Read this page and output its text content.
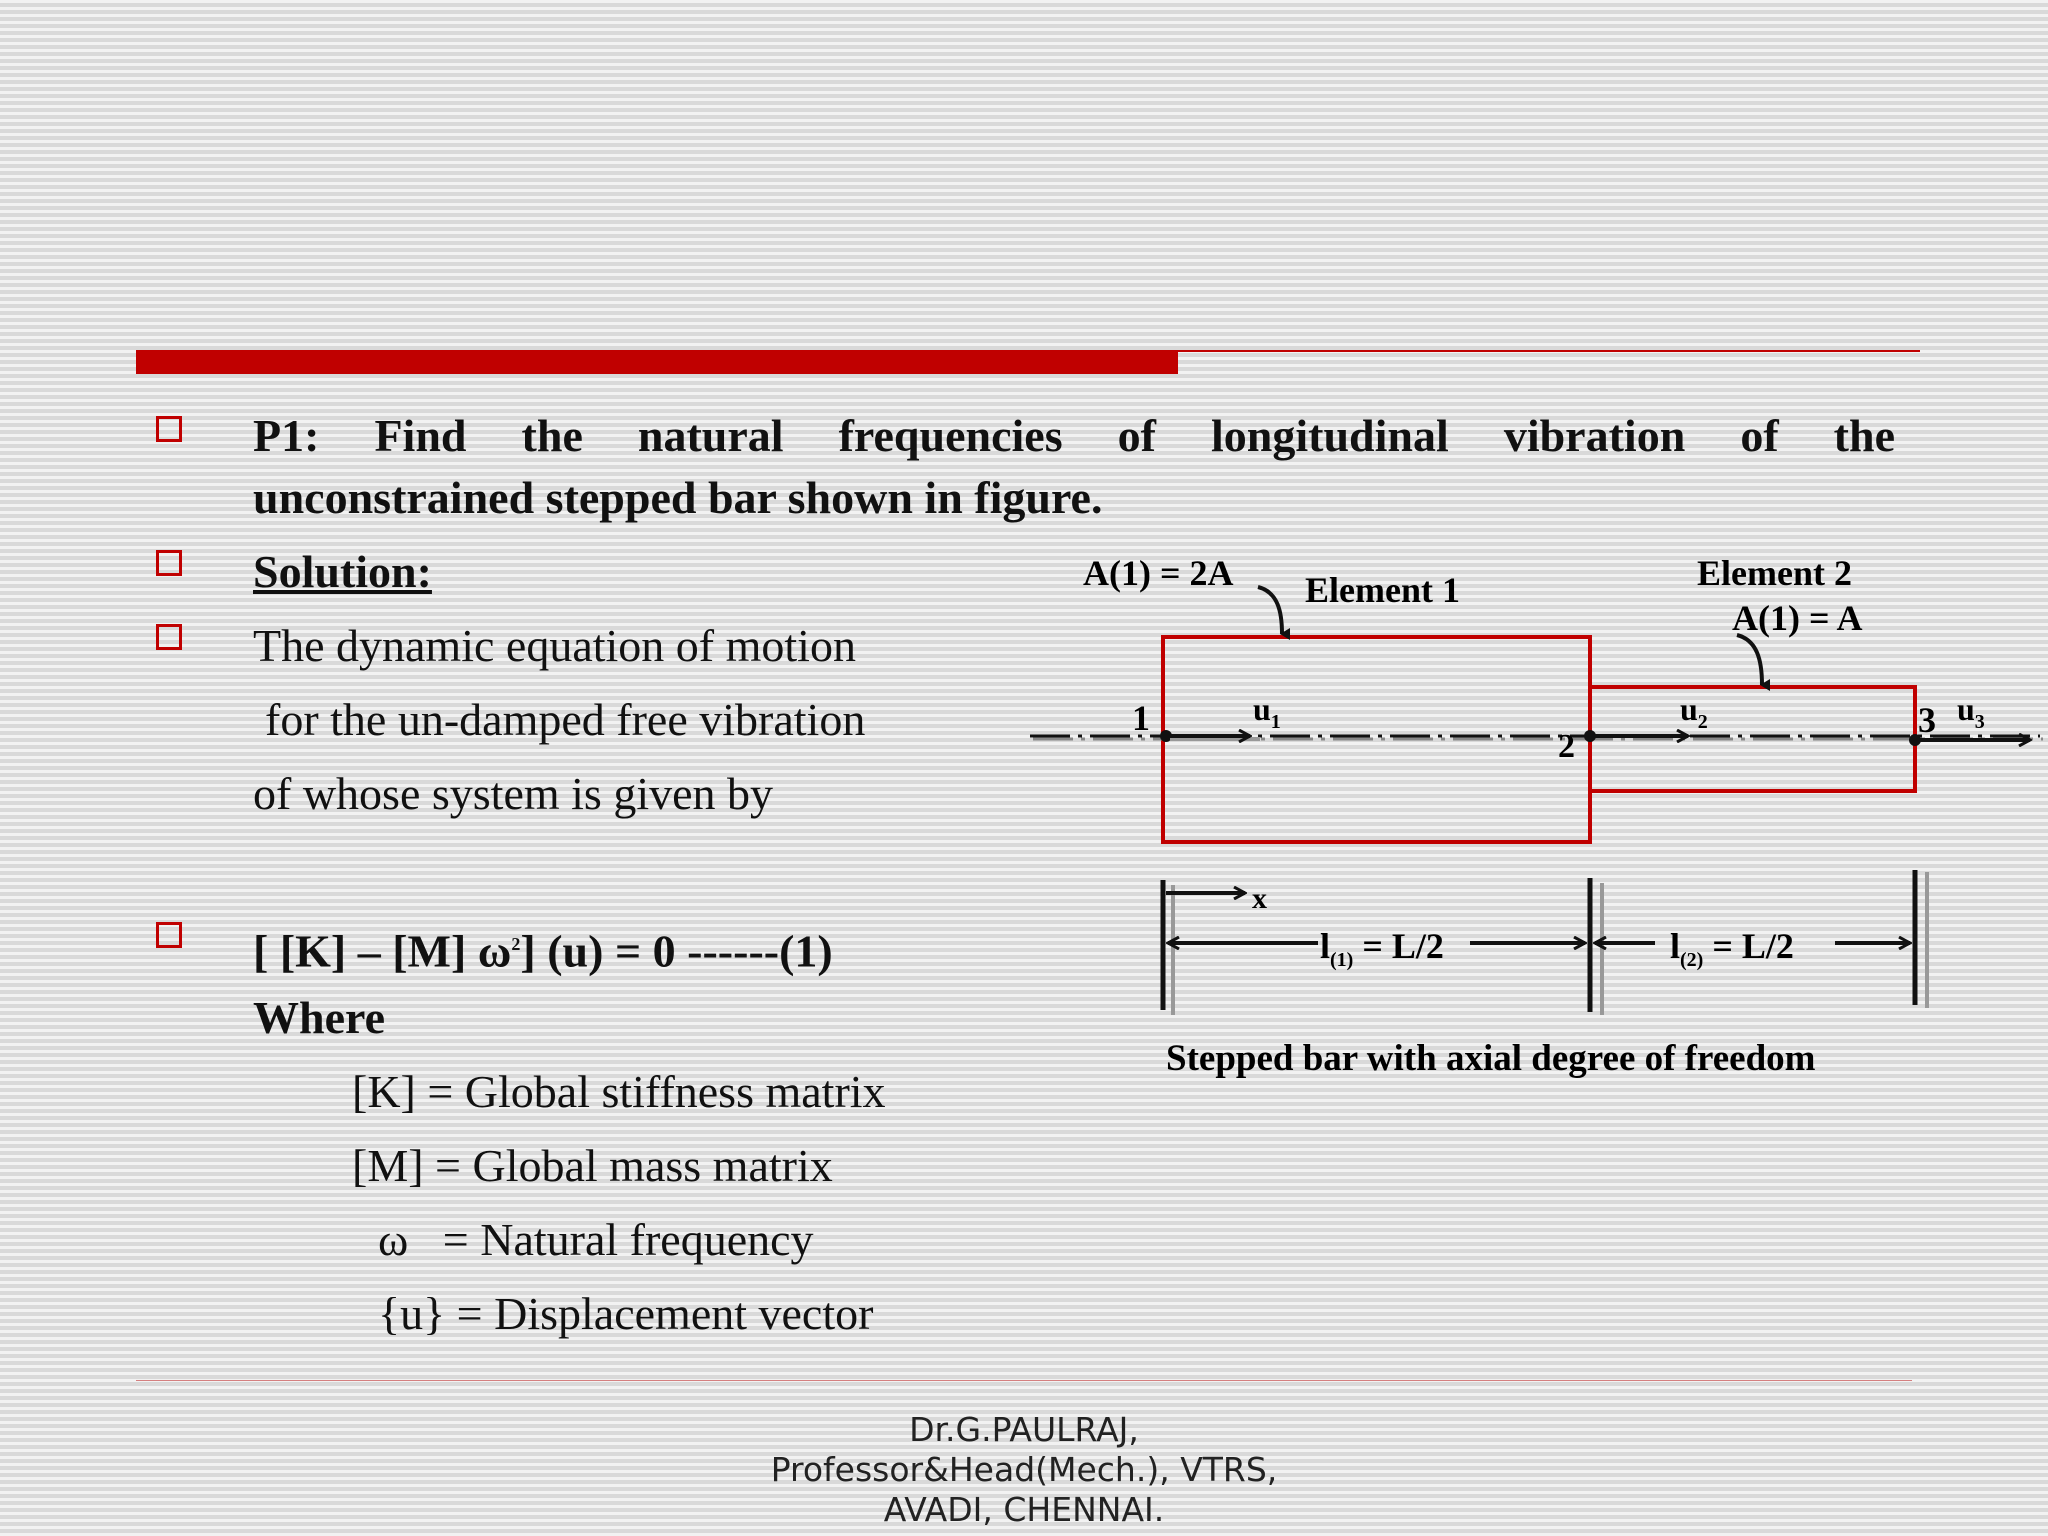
P1: Find the natural frequencies of longitudinal vibration of the
unconstrained stepped bar shown in figure.
Solution:
The dynamic equation of motion
for the un-damped free vibration
of whose system is given by
[ [K] – [M] $\omega^2$] (u) = 0 ------(1)
Where
[K] = Global stiffness matrix
[M] = Global mass matrix
ω   = Natural frequency
{u} = Displacement vector
A(1) = 2A Element 1	Element 2
A(1) = A
1
2
3
$u_1$	$u_2$	$u_3$
x
$l_{(1)} = L/2$	$l_{(2)} = L/2$
Stepped bar with axial degree of freedom
Dr.G.PAULRAJ,
Professor&Head(Mech.), VTRS,
AVADI, CHENNAI.
